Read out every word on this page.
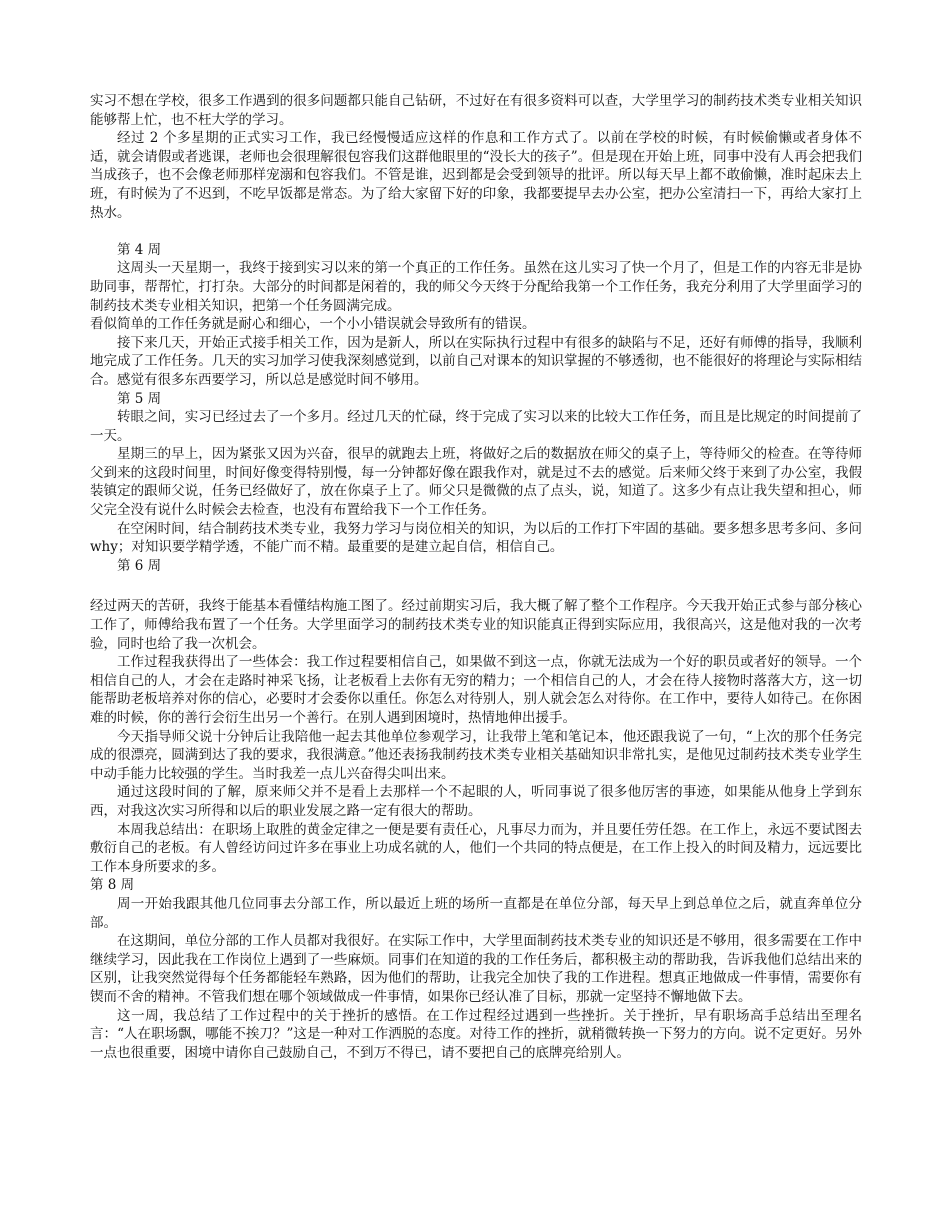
实习不想在学校，很多工作遇到的很多问题都只能自己钻研，不过好在有很多资料可以查，大学里学习的制药技术类专业相关知识能够帮上忙，也不枉大学的学习。

经过 2 个多星期的正式实习工作，我已经慢慢适应这样的作息和工作方式了。以前在学校的时候，有时候偷懒或者身体不适，就会请假或者逃课，老师也会很理解很包容我们这群他眼里的“没长大的孩子”。但是现在开始上班，同事中没有人再会把我们当成孩子，也不会像老师那样宠溺和包容我们。不管是谁，迟到都是会受到领导的批评。所以每天早上都不敢偷懒，准时起床去上班，有时候为了不迟到，不吃早饭都是常态。为了给大家留下好的印象，我都要提早去办公室，把办公室清扫一下，再给大家打上热水。

第 4 周

这周头一天星期一，我终于接到实习以来的第一个真正的工作任务。虽然在这儿实习了快一个月了，但是工作的内容无非是协助同事，帮帮忙，打打杂。大部分的时间都是闲着的，我的师父今天终于分配给我第一个工作任务，我充分利用了大学里面学习的制药技术类专业相关知识，把第一个任务圆满完成。

看似简单的工作任务就是耐心和细心，一个小小错误就会导致所有的错误。

接下来几天，开始正式接手相关工作，因为是新人，所以在实际执行过程中有很多的缺陷与不足，还好有师傅的指导，我顺利地完成了工作任务。几天的实习加学习使我深刻感觉到，以前自己对课本的知识掌握的不够透彻，也不能很好的将理论与实际相结合。感觉有很多东西要学习，所以总是感觉时间不够用。

第 5 周

转眼之间，实习已经过去了一个多月。经过几天的忙碌，终于完成了实习以来的比较大工作任务，而且是比规定的时间提前了一天。

星期三的早上，因为紧张又因为兴奋，很早的就跑去上班，将做好之后的数据放在师父的桌子上，等待师父的检查。在等待师父到来的这段时间里，时间好像变得特别慢，每一分钟都好像在跟我作对，就是过不去的感觉。后来师父终于来到了办公室，我假装镇定的跟师父说，任务已经做好了，放在你桌子上了。师父只是微微的点了点头，说，知道了。这多少有点让我失望和担心，师父完全没有说什么时候会去检查，也没有布置给我下一个工作任务。

在空闲时间，结合制药技术类专业，我努力学习与岗位相关的知识，为以后的工作打下牢固的基础。要多想多思考多问、多问 why；对知识要学精学透，不能广而不精。最重要的是建立起自信，相信自己。

第 6 周

经过两天的苦研，我终于能基本看懂结构施工图了。经过前期实习后，我大概了解了整个工作程序。今天我开始正式参与部分核心工作了，师傅给我布置了一个任务。大学里面学习的制药技术类专业的知识能真正得到实际应用，我很高兴，这是他对我的一次考验，同时也给了我一次机会。

工作过程我获得出了一些体会：我工作过程要相信自己，如果做不到这一点，你就无法成为一个好的职员或者好的领导。一个相信自己的人，才会在走路时神采飞扬，让老板看上去你有无穷的精力；一个相信自己的人，才会在待人接物时落落大方，这一切能帮助老板培养对你的信心，必要时才会委你以重任。你怎么对待别人，别人就会怎么对待你。在工作中，要待人如待己。在你困难的时候，你的善行会衍生出另一个善行。在别人遇到困境时，热情地伸出援手。

今天指导师父说十分钟后让我陪他一起去其他单位参观学习，让我带上笔和笔记本，他还跟我说了一句，“上次的那个任务完成的很漂亮，圆满到达了我的要求，我很满意。”他还表扬我制药技术类专业相关基础知识非常扎实，是他见过制药技术类专业学生中动手能力比较强的学生。当时我差一点儿兴奋得尖叫出来。

通过这段时间的了解，原来师父并不是看上去那样一个不起眼的人，听同事说了很多他厉害的事迹，如果能从他身上学到东西，对我这次实习所得和以后的职业发展之路一定有很大的帮助。

本周我总结出：在职场上取胜的黄金定律之一便是要有责任心，凡事尽力而为，并且要任劳任怨。在工作上，永远不要试图去敷衍自己的老板。有人曾经访问过许多在事业上功成名就的人，他们一个共同的特点便是，在工作上投入的时间及精力，远远要比工作本身所要求的多。

第 8 周

周一开始我跟其他几位同事去分部工作，所以最近上班的场所一直都是在单位分部，每天早上到总单位之后，就直奔单位分部。

在这期间，单位分部的工作人员都对我很好。在实际工作中，大学里面制药技术类专业的知识还是不够用，很多需要在工作中继续学习，因此我在工作岗位上遇到了一些麻烦。同事们在知道的我的工作任务后，都积极主动的帮助我，告诉我他们总结出来的区别，让我突然觉得每个任务都能轻车熟路，因为他们的帮助，让我完全加快了我的工作进程。想真正地做成一件事情，需要你有锲而不舍的精神。不管我们想在哪个领域做成一件事情，如果你已经认准了目标，那就一定坚持不懈地做下去。

这一周，我总结了工作过程中的关于挫折的感悟。在工作过程经过遇到一些挫折。关于挫折，早有职场高手总结出至理名言：“人在职场飘，哪能不挨刀？”这是一种对工作洒脱的态度。对待工作的挫折，就稍微转换一下努力的方向。说不定更好。另外一点也很重要，困境中请你自己鼓励自己，不到万不得已，请不要把自己的底牌亮给别人。
